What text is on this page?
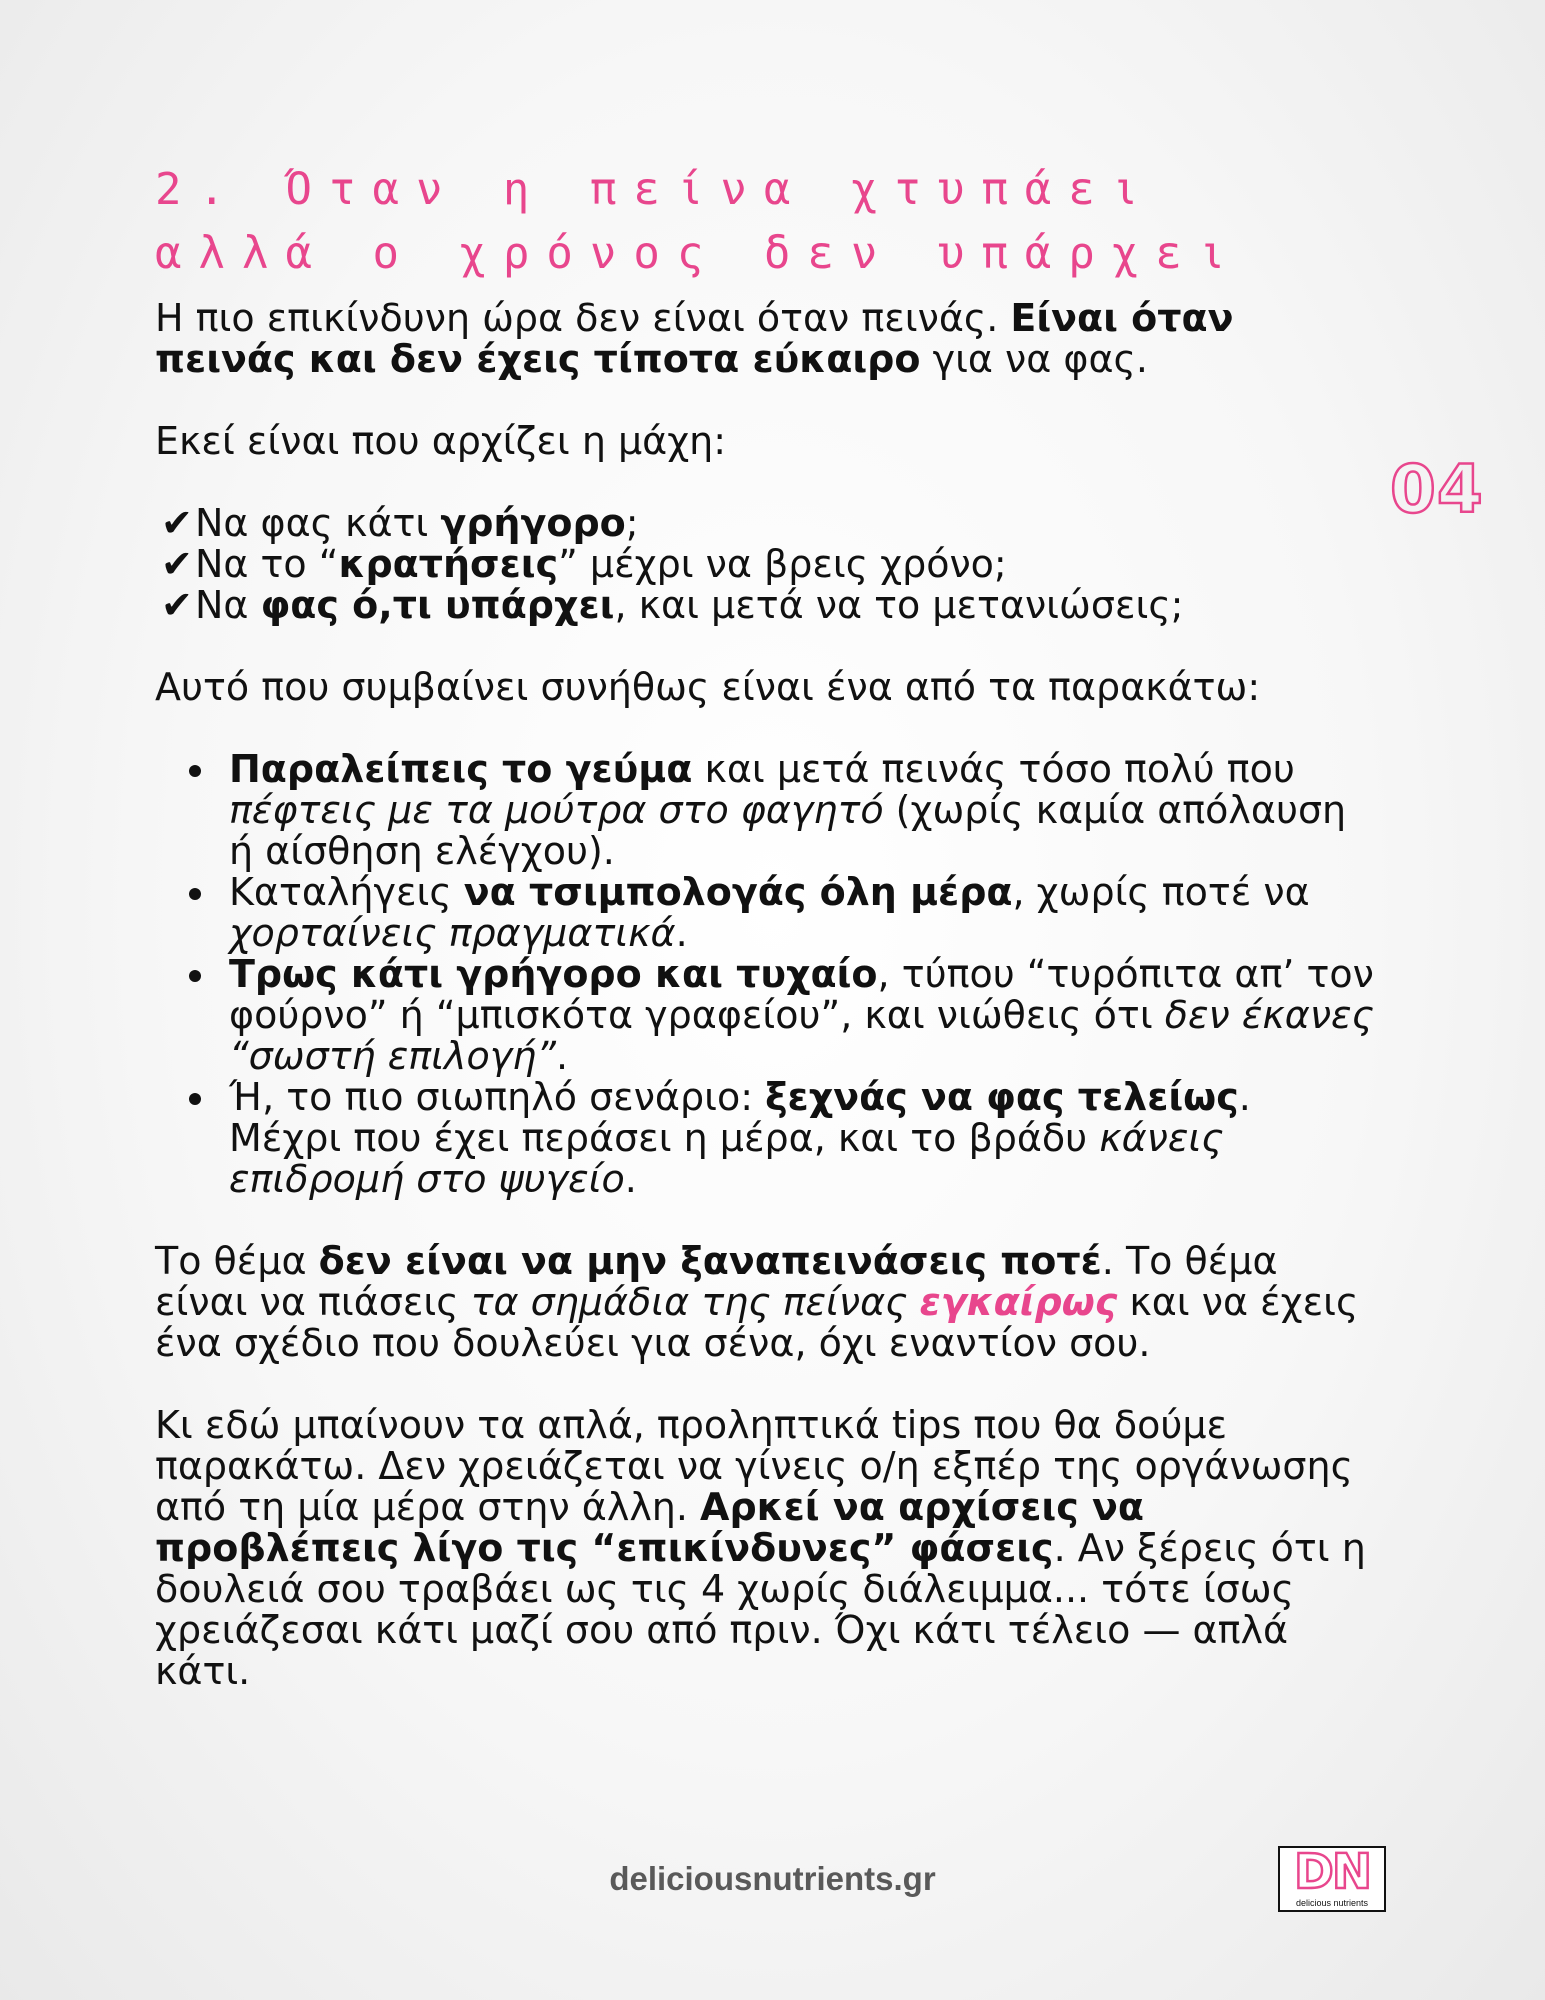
2. Όταν η πείνα χτυπάει αλλά ο χρόνος δεν υπάρχει
04

Η πιο επικίνδυνη ώρα δεν είναι όταν πεινάς. Είναι όταν πεινάς και δεν έχεις τίποτα εύκαιρο για να φας.

Εκεί είναι που αρχίζει η μάχη:

✔Να φας κάτι γρήγορο;
✔Να το “κρατήσεις” μέχρι να βρεις χρόνο;
✔Να φας ό,τι υπάρχει, και μετά να το μετανιώσεις;

Αυτό που συμβαίνει συνήθως είναι ένα από τα παρακάτω:

Παραλείπεις το γεύμα και μετά πεινάς τόσο πολύ που πέφτεις με τα μούτρα στο φαγητό (χωρίς καμία απόλαυση ή αίσθηση ελέγχου).
Καταλήγεις να τσιμπολογάς όλη μέρα, χωρίς ποτέ να χορταίνεις πραγματικά.
Τρως κάτι γρήγορο και τυχαίο, τύπου “τυρόπιτα απ’ τον φούρνο” ή “μπισκότα γραφείου”, και νιώθεις ότι δεν έκανες “σωστή επιλογή”.
Ή, το πιο σιωπηλό σενάριο: ξεχνάς να φας τελείως. Μέχρι που έχει περάσει η μέρα, και το βράδυ κάνεις επιδρομή στο ψυγείο.

Το θέμα δεν είναι να μην ξαναπεινάσεις ποτέ. Το θέμα είναι να πιάσεις τα σημάδια της πείνας εγκαίρως και να έχεις ένα σχέδιο που δουλεύει για σένα, όχι εναντίον σου.

Κι εδώ μπαίνουν τα απλά, προληπτικά tips που θα δούμε παρακάτω. Δεν χρειάζεται να γίνεις ο/η εξπέρ της οργάνωσης από τη μία μέρα στην άλλη. Αρκεί να αρχίσεις να προβλέπεις λίγο τις “επικίνδυνες” φάσεις. Αν ξέρεις ότι η δουλειά σου τραβάει ως τις 4 χωρίς διάλειμμα... τότε ίσως χρειάζεσαι κάτι μαζί σου από πριν. Όχι κάτι τέλειο — απλά κάτι.

deliciousnutrients.gr	DN
delicious nutrients
